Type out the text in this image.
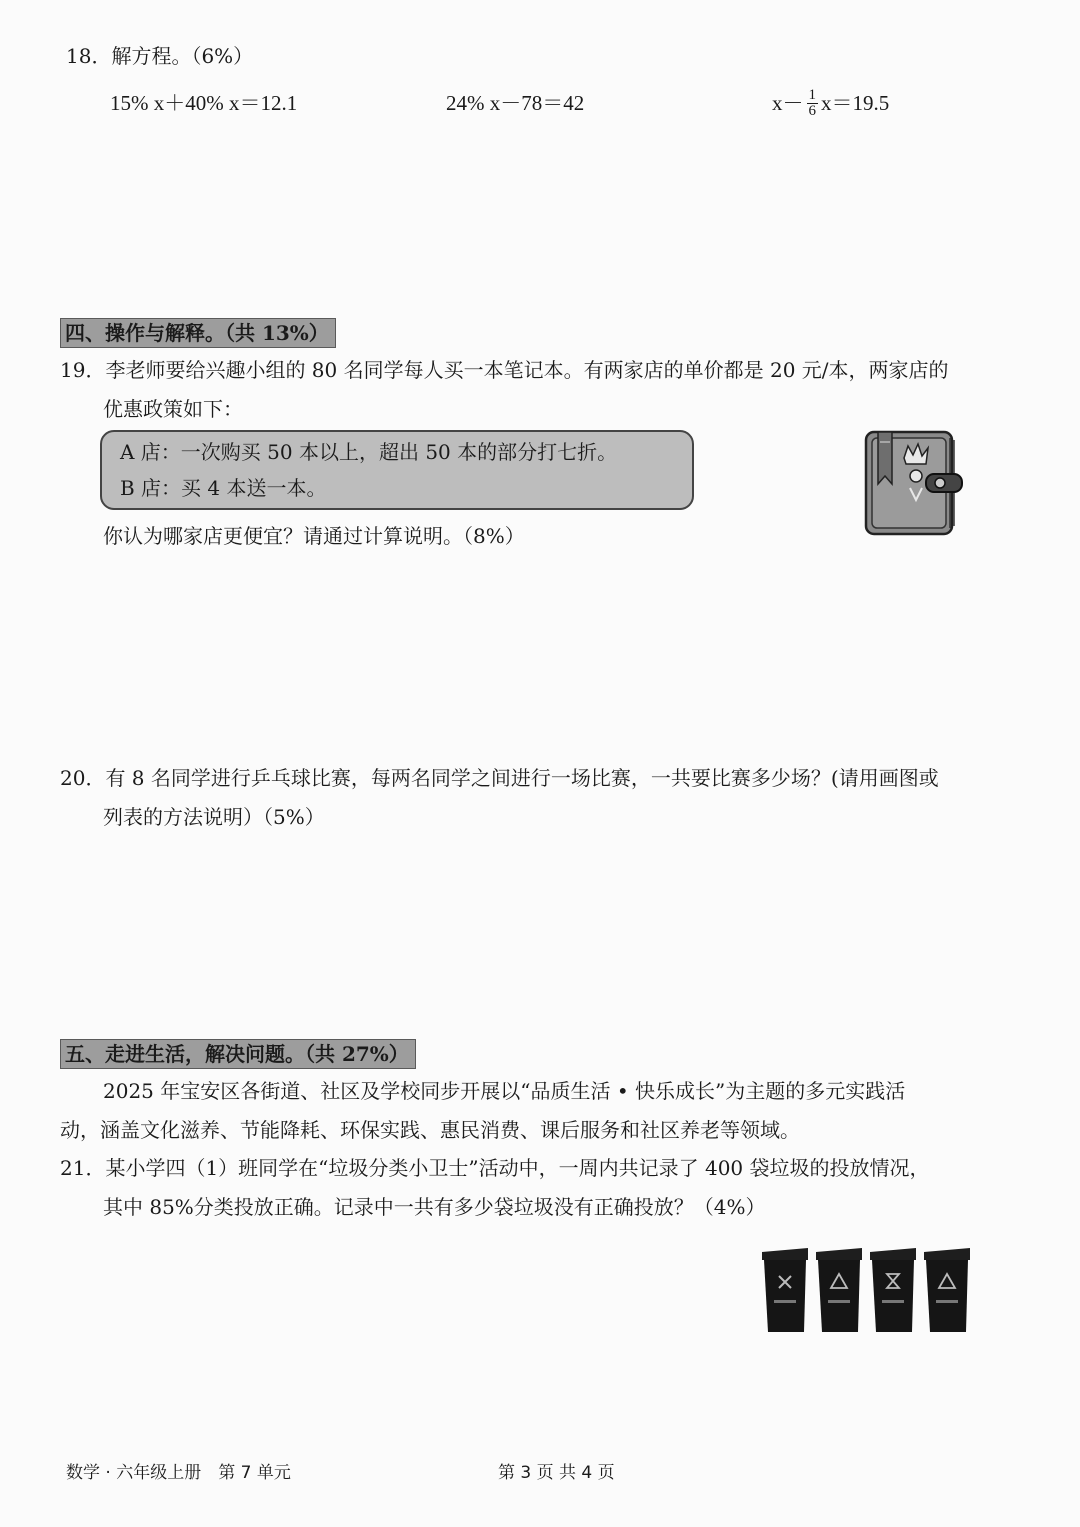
18．解方程。（6%）
15% x＋40% x＝12.1	24% x－78＝42	$x- \frac{1}{6} x=19.5$
四、操作与解释。（共 13%）
19．李老师要给兴趣小组的 80 名同学每人买一本笔记本。有两家店的单价都是 20 元/本，两家店的
优惠政策如下：
A 店：一次购买 50 本以上，超出 50 本的部分打七折。
B 店：买 4 本送一本。
你认为哪家店更便宜？请通过计算说明。（8%）
20．有 8 名同学进行乒乓球比赛，每两名同学之间进行一场比赛，一共要比赛多少场？(请用画图或
列表的方法说明）（5%）
五、走进生活，解决问题。（共 27%）
2025 年宝安区各街道、社区及学校同步开展以“品质生活 • 快乐成长”为主题的多元实践活
动，涵盖文化滋养、节能降耗、环保实践、惠民消费、课后服务和社区养老等领域。
21．某小学四（1）班同学在“垃圾分类小卫士”活动中，一周内共记录了 400 袋垃圾的投放情况，
其中 85%分类投放正确。记录中一共有多少袋垃圾没有正确投放？（4%）
数学 · 六年级上册　第 7 单元	第 3 页 共 4 页
